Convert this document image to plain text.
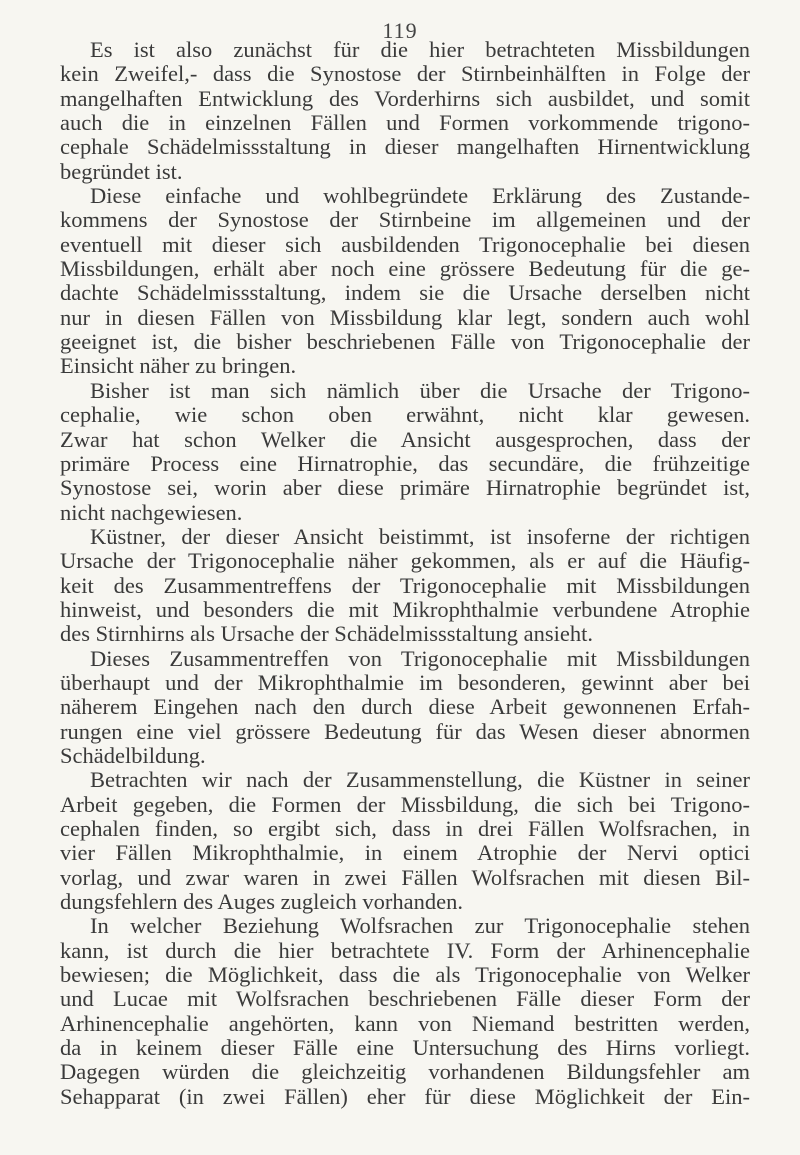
119
Es ist also zunächst für die hier betrachteten Missbildungen
kein Zweifel,- dass die Synostose der Stirnbeinhälften in Folge der
mangelhaften Entwicklung des Vorderhirns sich ausbildet, und somit
auch die in einzelnen Fällen und Formen vorkommende trigono-
cephale Schädelmissstaltung in dieser mangelhaften Hirnentwicklung
begründet ist.
Diese einfache und wohlbegründete Erklärung des Zustande-
kommens der Synostose der Stirnbeine im allgemeinen und der
eventuell mit dieser sich ausbildenden Trigonocephalie bei diesen
Missbildungen, erhält aber noch eine grössere Bedeutung für die ge-
dachte Schädelmissstaltung, indem sie die Ursache derselben nicht
nur in diesen Fällen von Missbildung klar legt, sondern auch wohl
geeignet ist, die bisher beschriebenen Fälle von Trigonocephalie der
Einsicht näher zu bringen.
Bisher ist man sich nämlich über die Ursache der Trigono-
cephalie, wie schon oben erwähnt, nicht klar gewesen.
Zwar hat schon Welker die Ansicht ausgesprochen, dass der
primäre Process eine Hirnatrophie, das secundäre, die frühzeitige
Synostose sei, worin aber diese primäre Hirnatrophie begründet ist,
nicht nachgewiesen.
Küstner, der dieser Ansicht beistimmt, ist insoferne der richtigen
Ursache der Trigonocephalie näher gekommen, als er auf die Häufig-
keit des Zusammentreffens der Trigonocephalie mit Missbildungen
hinweist, und besonders die mit Mikrophthalmie verbundene Atrophie
des Stirnhirns als Ursache der Schädelmissstaltung ansieht.
Dieses Zusammentreffen von Trigonocephalie mit Missbildungen
überhaupt und der Mikrophthalmie im besonderen, gewinnt aber bei
näherem Eingehen nach den durch diese Arbeit gewonnenen Erfah-
rungen eine viel grössere Bedeutung für das Wesen dieser abnormen
Schädelbildung.
Betrachten wir nach der Zusammenstellung, die Küstner in seiner
Arbeit gegeben, die Formen der Missbildung, die sich bei Trigono-
cephalen finden, so ergibt sich, dass in drei Fällen Wolfsrachen, in
vier Fällen Mikrophthalmie, in einem Atrophie der Nervi optici
vorlag, und zwar waren in zwei Fällen Wolfsrachen mit diesen Bil-
dungsfehlern des Auges zugleich vorhanden.
In welcher Beziehung Wolfsrachen zur Trigonocephalie stehen
kann, ist durch die hier betrachtete IV. Form der Arhinencephalie
bewiesen; die Möglichkeit, dass die als Trigonocephalie von Welker
und Lucae mit Wolfsrachen beschriebenen Fälle dieser Form der
Arhinencephalie angehörten, kann von Niemand bestritten werden,
da in keinem dieser Fälle eine Untersuchung des Hirns vorliegt.
Dagegen würden die gleichzeitig vorhandenen Bildungsfehler am
Sehapparat (in zwei Fällen) eher für diese Möglichkeit der Ein-
